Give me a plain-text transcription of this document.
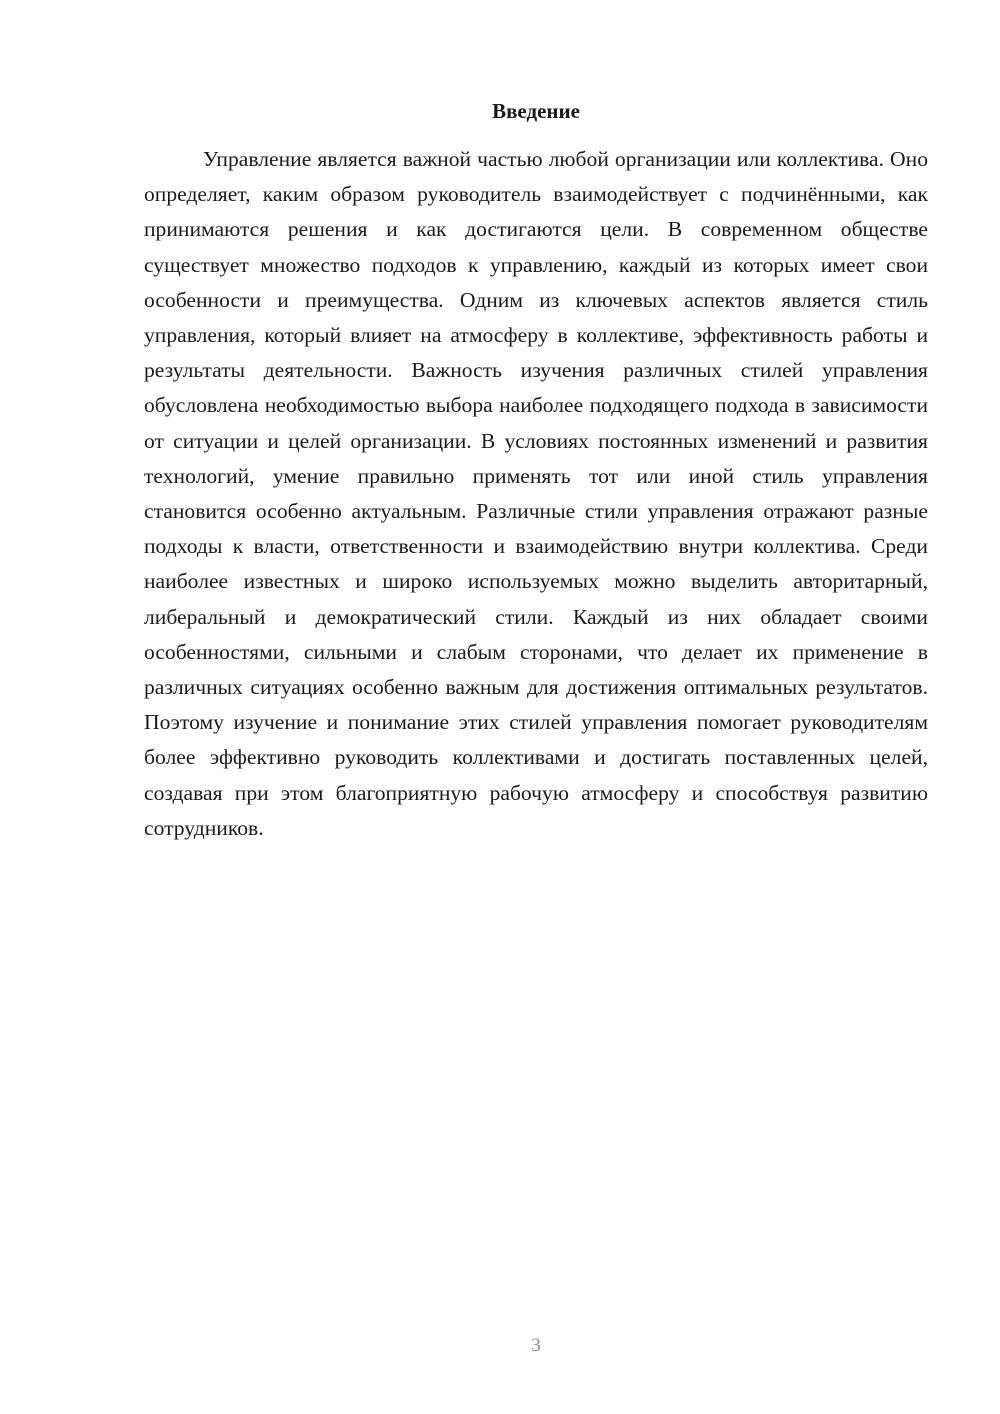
Введение

Управление является важной частью любой организации или коллектива. Оно определяет, каким образом руководитель взаимодействует с подчинёнными, как принимаются решения и как достигаются цели. В современном обществе существует множество подходов к управлению, каждый из которых имеет свои особенности и преимущества. Одним из ключевых аспектов является стиль управления, который влияет на атмосферу в коллективе, эффективность работы и результаты деятельности. Важность изучения различных стилей управления обусловлена необходимостью выбора наиболее подходящего подхода в зависимости от ситуации и целей организации. В условиях постоянных изменений и развития технологий, умение правильно применять тот или иной стиль управления становится особенно актуальным. Различные стили управления отражают разные подходы к власти, ответственности и взаимодействию внутри коллектива. Среди наиболее известных и широко используемых можно выделить авторитарный, либеральный и демократический стили. Каждый из них обладает своими особенностями, сильными и слабым сторонами, что делает их применение в различных ситуациях особенно важным для достижения оптимальных результатов. Поэтому изучение и понимание этих стилей управления помогает руководителям более эффективно руководить коллективами и достигать поставленных целей, создавая при этом благоприятную рабочую атмосферу и способствуя развитию сотрудников.

3
